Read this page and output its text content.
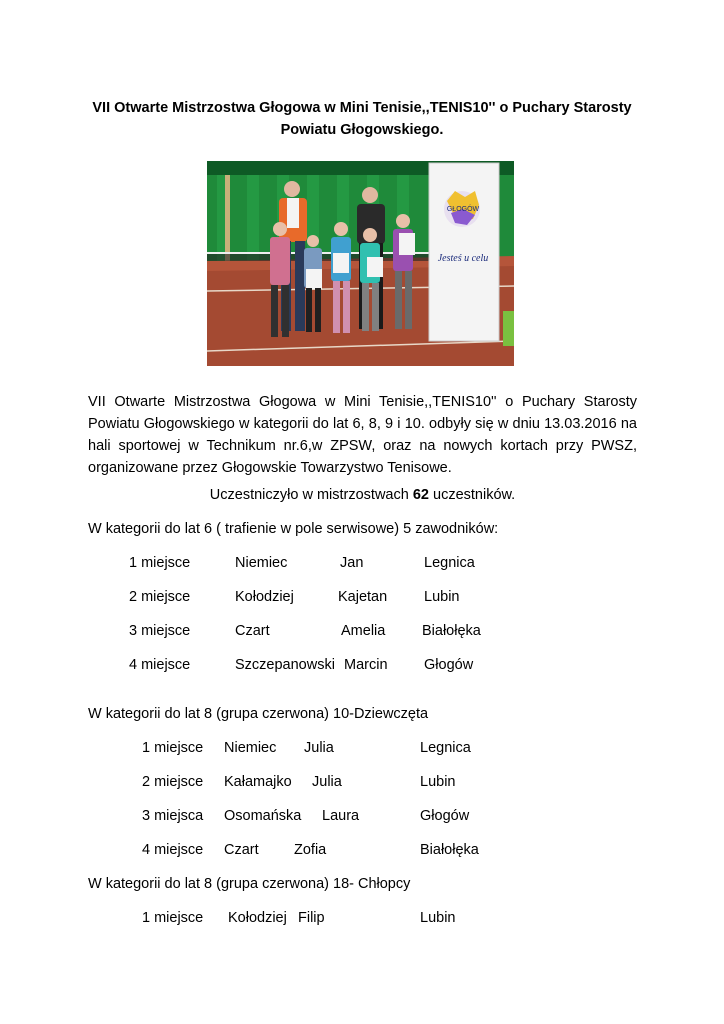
VII Otwarte Mistrzostwa Głogowa w Mini Tenisie,,TENIS10'' o Puchary Starosty Powiatu Głogowskiego.
GŁOGÓW
Jesteś u celu
VII Otwarte Mistrzostwa Głogowa w Mini Tenisie,,TENIS10'' o Puchary Starosty Powiatu Głogowskiego w kategorii do lat 6, 8, 9 i 10. odbyły się w dniu 13.03.2016 na hali sportowej w Technikum nr.6,w ZPSW, oraz na nowych kortach przy PWSZ, organizowane przez Głogowskie Towarzystwo Tenisowe.
Uczestniczyło w mistrzostwach 62 uczestników.
W kategorii do lat 6 ( trafienie w pole serwisowe) 5 zawodników:
1 miejsce	Niemiec	Jan	Legnica
2 miejsce	Kołodziej	Kajetan	Lubin
3 miejsce	Czart	Amelia	Białołęka
4 miejsce	Szczepanowski Marcin	Głogów
W kategorii do lat 8 (grupa czerwona) 10-Dziewczęta
1 miejsce Niemiec Julia	Legnica
2 miejsce Kałamajko Julia	Lubin
3 miejsca Osomańska Laura	Głogów
4 miejsce Czart Zofia	Białołęka
W kategorii do lat 8 (grupa czerwona) 18- Chłopcy
1 miejsce Kołodziej Filip	Lubin
